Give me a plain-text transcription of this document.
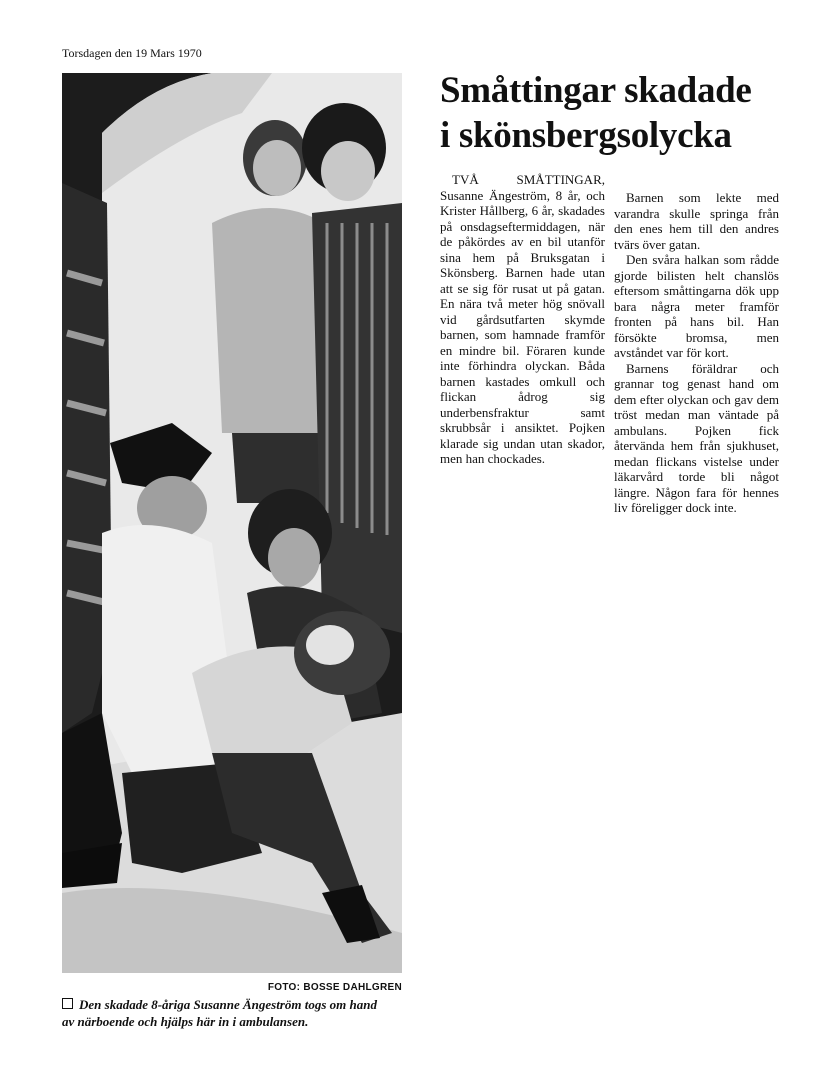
Torsdagen den 19 Mars 1970
FOTO: BOSSE DAHLGREN
Den skadade 8-åriga Susanne Ängeström togs om hand
av närboende och hjälps här in i ambulansen.
Småttingar skadade
i skönsbergsolycka

TVÅ SMÅTTINGAR, Susanne Ängeström, 8 år, och Krister Hållberg, 6 år, skadades på onsdagseftermiddagen, när de påkördes av en bil utanför sina hem på Bruksgatan i Skönsberg. Barnen hade utan att se sig för rusat ut på gatan. En nära två meter hög snövall vid gårdsutfarten skymde barnen, som hamnade framför en mindre bil. Föraren kunde inte förhindra olyckan. Båda barnen kastades omkull och flickan ådrog sig underbensfraktur samt skrubbsår i ansiktet. Pojken klarade sig undan utan skador, men han chockades.

Barnen som lekte med varandra skulle springa från den enes hem till den andres tvärs över gatan.

Den svåra halkan som rådde gjorde bilisten helt chanslös eftersom småttingarna dök upp bara några meter framför fronten på hans bil. Han försökte bromsa, men avståndet var för kort.

Barnens föräldrar och grannar tog genast hand om dem efter olyckan och gav dem tröst medan man väntade på ambulans. Pojken fick återvända hem från sjukhuset, medan flickans vistelse under läkarvård torde bli något längre. Någon fara för hennes liv föreligger dock inte.
